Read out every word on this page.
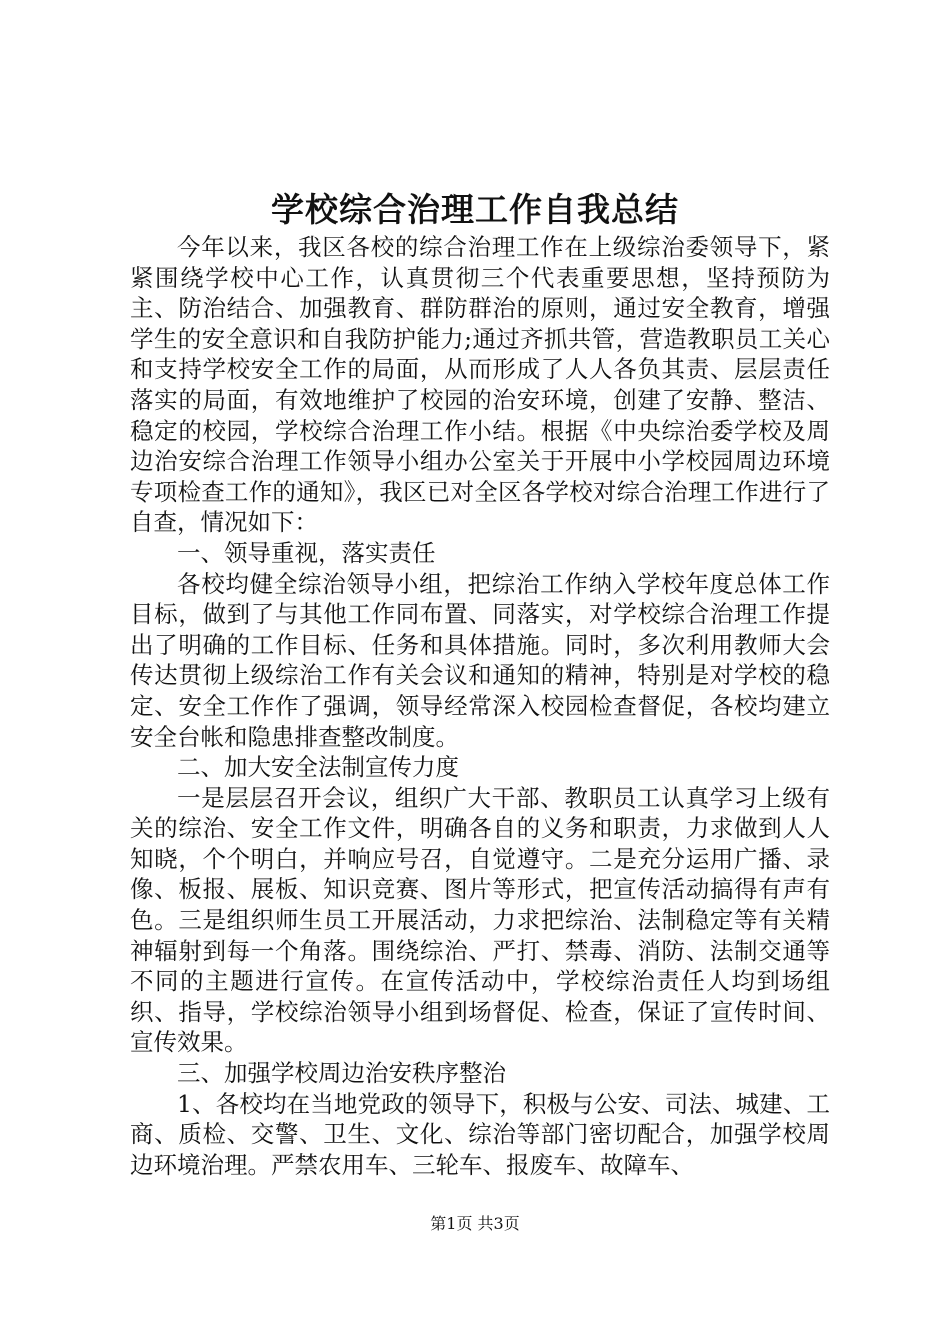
学校综合治理工作自我总结

今年以来，我区各校的综合治理工作在上级综治委领导下，紧紧围绕学校中心工作，认真贯彻三个代表重要思想，坚持预防为主、防治结合、加强教育、群防群治的原则，通过安全教育，增强学生的安全意识和自我防护能力;通过齐抓共管，营造教职员工关心和支持学校安全工作的局面，从而形成了人人各负其责、层层责任落实的局面，有效地维护了校园的治安环境，创建了安静、整洁、稳定的校园，学校综合治理工作小结。根据《中央综治委学校及周边治安综合治理工作领导小组办公室关于开展中小学校园周边环境专项检查工作的通知》，我区已对全区各学校对综合治理工作进行了自查，情况如下：

一、领导重视，落实责任

各校均健全综治领导小组，把综治工作纳入学校年度总体工作目标，做到了与其他工作同布置、同落实，对学校综合治理工作提出了明确的工作目标、任务和具体措施。同时，多次利用教师大会传达贯彻上级综治工作有关会议和通知的精神，特别是对学校的稳定、安全工作作了强调，领导经常深入校园检查督促，各校均建立安全台帐和隐患排查整改制度。

二、加大安全法制宣传力度

一是层层召开会议，组织广大干部、教职员工认真学习上级有关的综治、安全工作文件，明确各自的义务和职责，力求做到人人知晓，个个明白，并响应号召，自觉遵守。二是充分运用广播、录像、板报、展板、知识竞赛、图片等形式，把宣传活动搞得有声有色。三是组织师生员工开展活动，力求把综治、法制稳定等有关精神辐射到每一个角落。围绕综治、严打、禁毒、消防、法制交通等不同的主题进行宣传。在宣传活动中，学校综治责任人均到场组织、指导，学校综治领导小组到场督促、检查，保证了宣传时间、宣传效果。

三、加强学校周边治安秩序整治

1、各校均在当地党政的领导下，积极与公安、司法、城建、工商、质检、交警、卫生、文化、综治等部门密切配合，加强学校周边环境治理。严禁农用车、三轮车、报废车、故障车、

第1页 共3页
